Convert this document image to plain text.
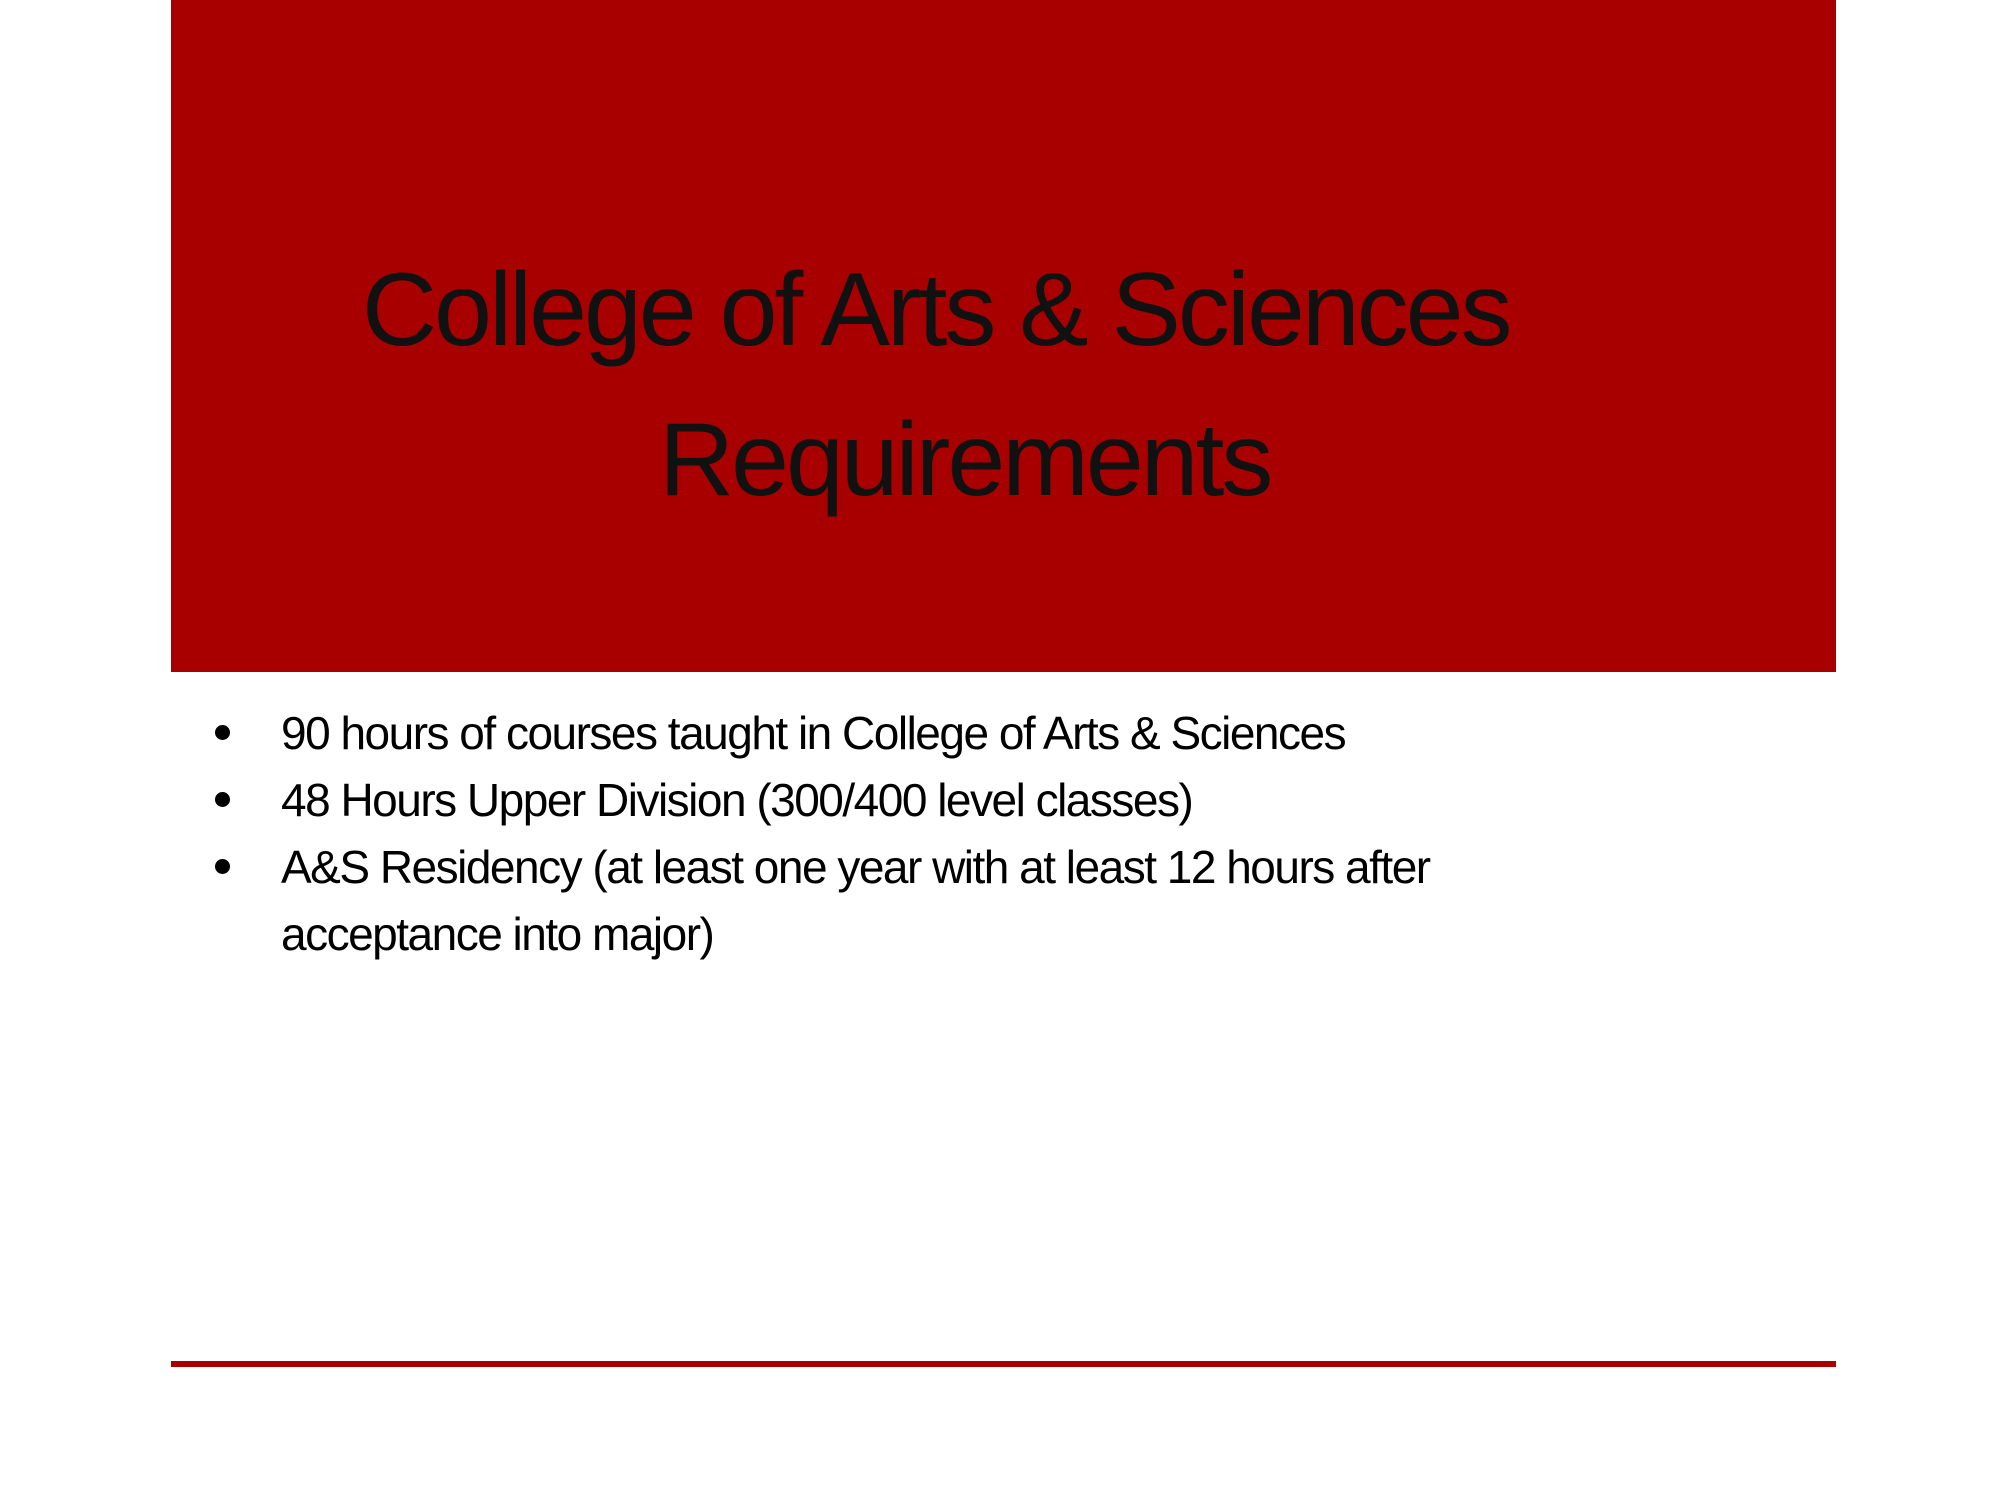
College of Arts & Sciences
Requirements
90 hours of courses taught in College of Arts & Sciences
48 Hours Upper Division (300/400 level classes)
A&S Residency (at least one year with at least 12 hours after acceptance into major)
